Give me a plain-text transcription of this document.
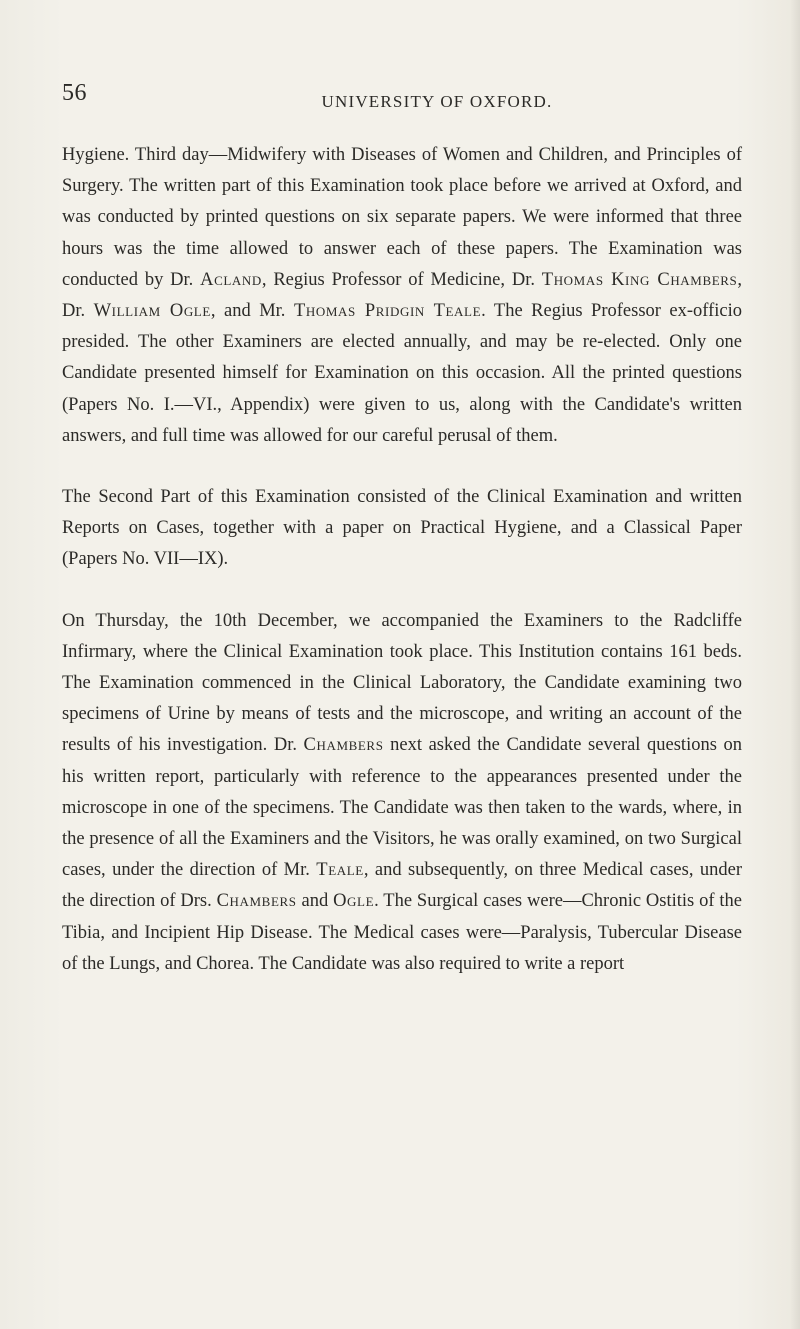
56	UNIVERSITY OF OXFORD.

Hygiene. Third day—Midwifery with Diseases of Women and Children, and Principles of Surgery. The written part of this Examination took place before we arrived at Oxford, and was conducted by printed questions on six separate papers. We were informed that three hours was the time allowed to answer each of these papers. The Examination was conducted by Dr. Acland, Regius Professor of Medicine, Dr. Thomas King Chambers, Dr. William Ogle, and Mr. Thomas Pridgin Teale. The Regius Professor ex-officio presided. The other Examiners are elected annually, and may be re-elected. Only one Candidate presented himself for Examination on this occasion. All the printed questions (Papers No. I.—VI., Appendix) were given to us, along with the Candidate's written answers, and full time was allowed for our careful perusal of them.

The Second Part of this Examination consisted of the Clinical Examination and written Reports on Cases, together with a paper on Practical Hygiene, and a Classical Paper (Papers No. VII—IX).

On Thursday, the 10th December, we accompanied the Examiners to the Radcliffe Infirmary, where the Clinical Examination took place. This Institution contains 161 beds. The Examination commenced in the Clinical Laboratory, the Candidate examining two specimens of Urine by means of tests and the microscope, and writing an account of the results of his investigation. Dr. Chambers next asked the Candidate several questions on his written report, particularly with reference to the appearances presented under the microscope in one of the specimens. The Candidate was then taken to the wards, where, in the presence of all the Examiners and the Visitors, he was orally examined, on two Surgical cases, under the direction of Mr. Teale, and subsequently, on three Medical cases, under the direction of Drs. Chambers and Ogle. The Surgical cases were—Chronic Ostitis of the Tibia, and Incipient Hip Disease. The Medical cases were—Paralysis, Tubercular Disease of the Lungs, and Chorea. The Candidate was also required to write a report
